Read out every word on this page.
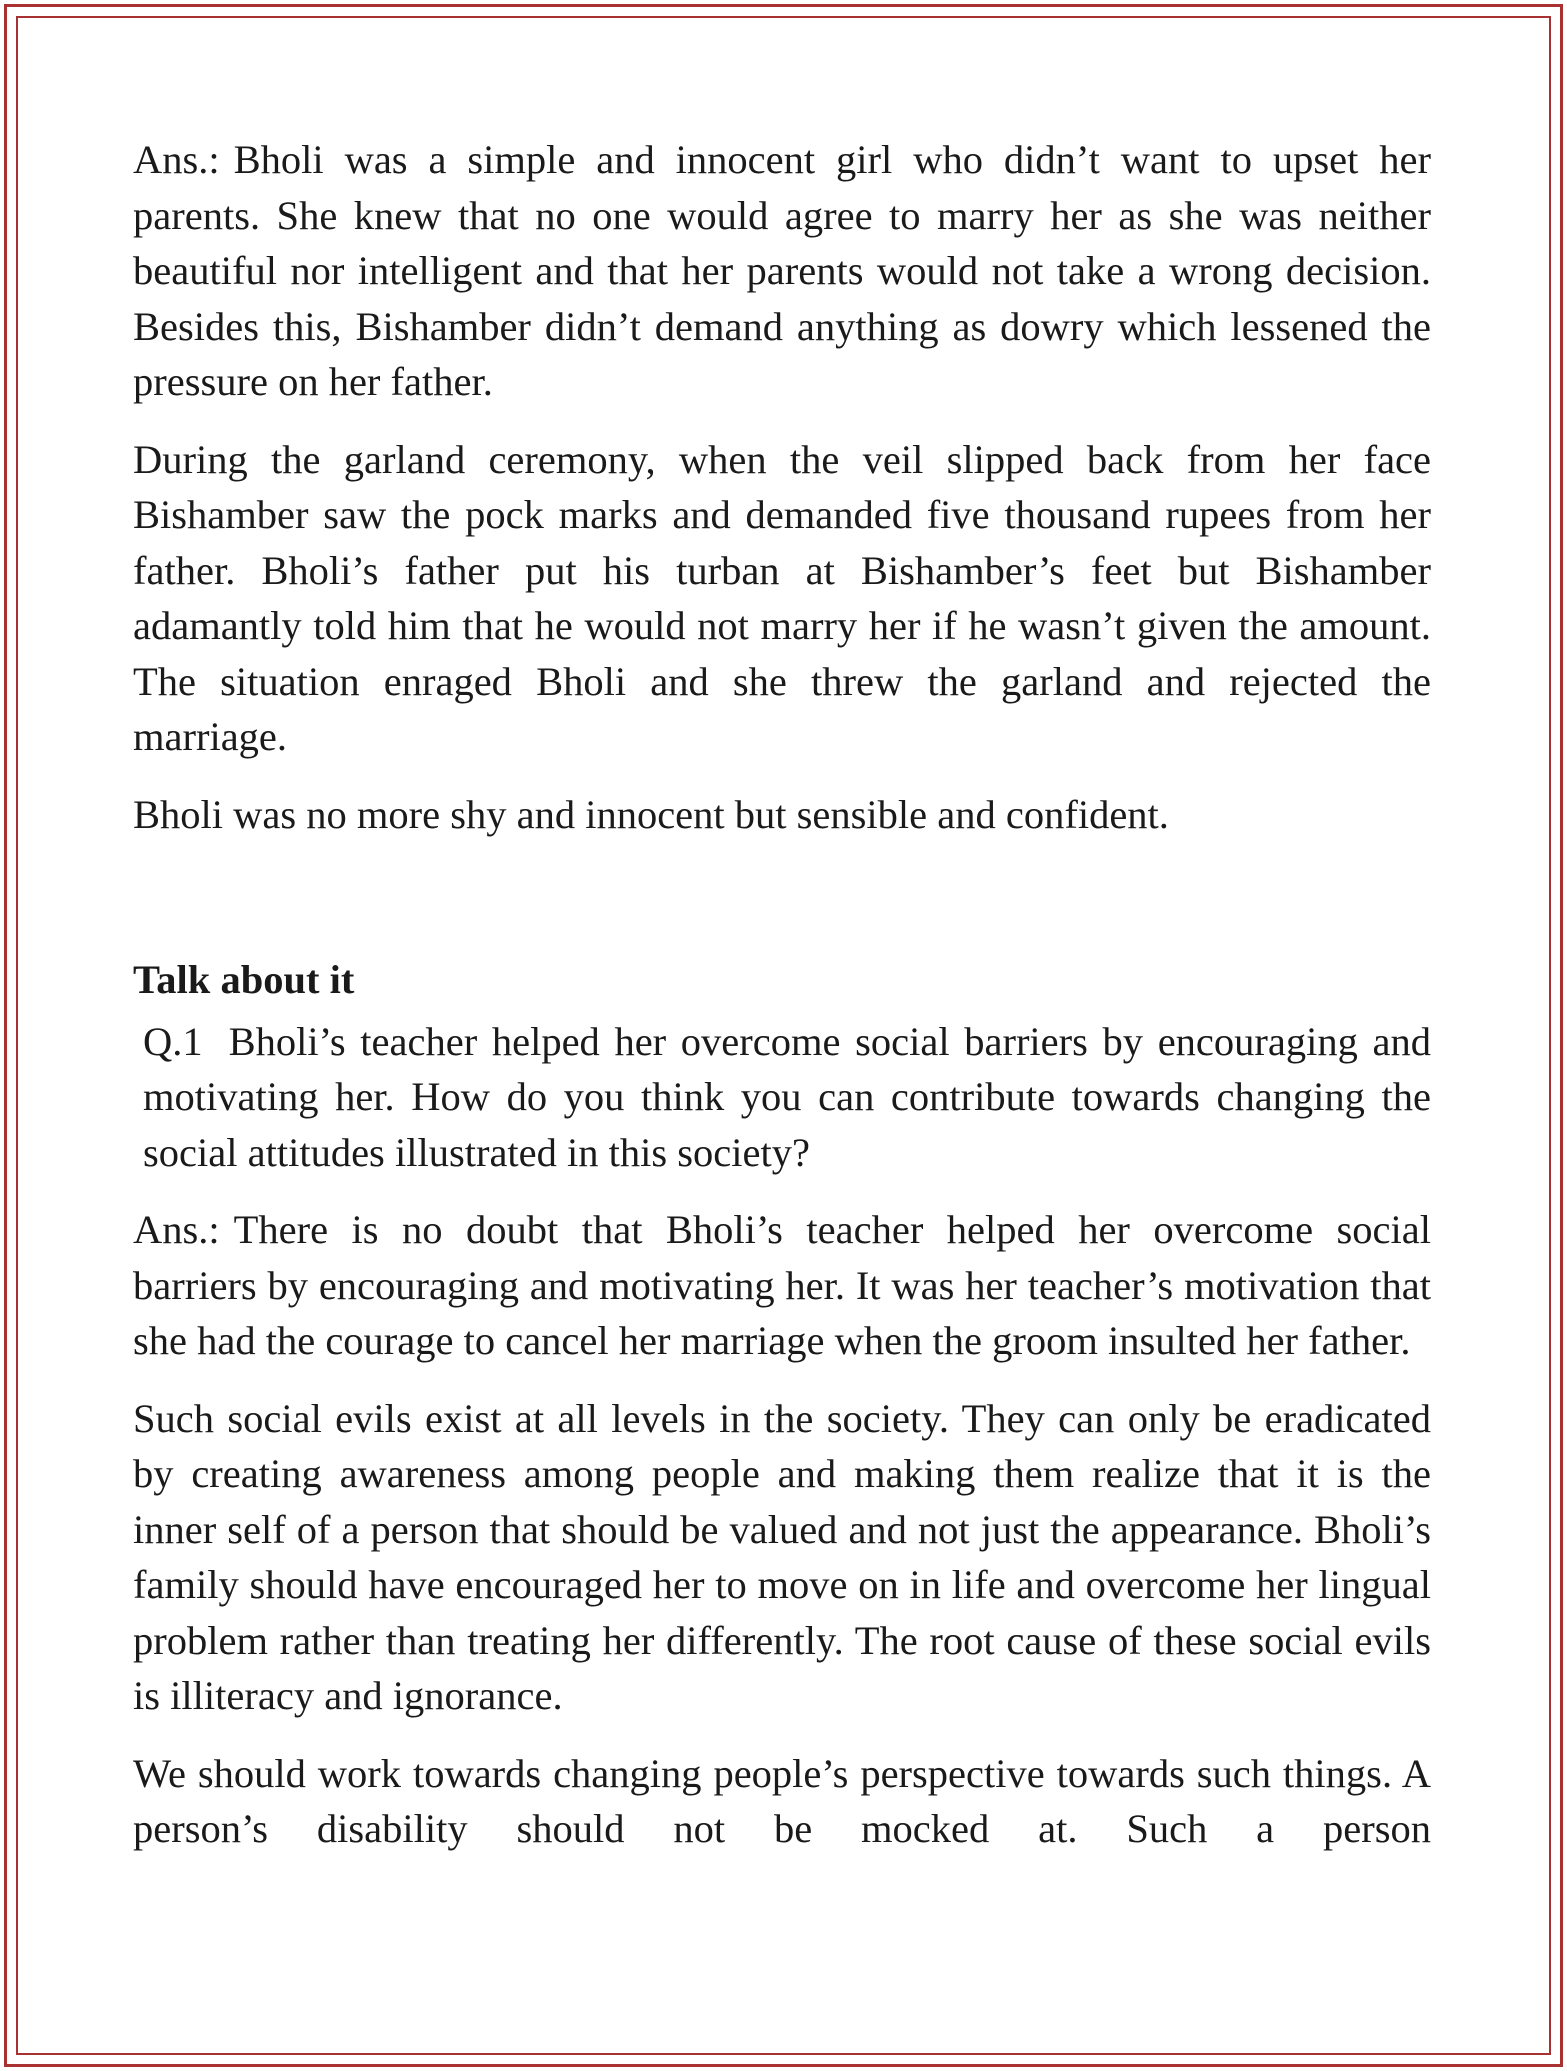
Ans.: Bholi was a simple and innocent girl who didn’t want to upset her parents. She knew that no one would agree to marry her as she was neither beautiful nor intelligent and that her parents would not take a wrong decision. Besides this, Bishamber didn’t demand anything as dowry which lessened the pressure on her father.

During the garland ceremony, when the veil slipped back from her face Bishamber saw the pock marks and demanded five thousand rupees from her father. Bholi’s father put his turban at Bishamber’s feet but Bishamber adamantly told him that he would not marry her if he wasn’t given the amount. The situation enraged Bholi and she threw the garland and rejected the marriage.

Bholi was no more shy and innocent but sensible and confident.

Talk about it

Q.1 Bholi’s teacher helped her overcome social barriers by encouraging and motivating her. How do you think you can contribute towards changing the social attitudes illustrated in this society?

Ans.: There is no doubt that Bholi’s teacher helped her overcome social barriers by encouraging and motivating her. It was her teacher’s motivation that she had the courage to cancel her marriage when the groom insulted her father.

Such social evils exist at all levels in the society. They can only be eradicated by creating awareness among people and making them realize that it is the inner self of a person that should be valued and not just the appearance. Bholi’s family should have encouraged her to move on in life and overcome her lingual problem rather than treating her differently. The root cause of these social evils is illiteracy and ignorance.

We should work towards changing people’s perspective towards such things. A person’s disability should not be mocked at. Such a person
